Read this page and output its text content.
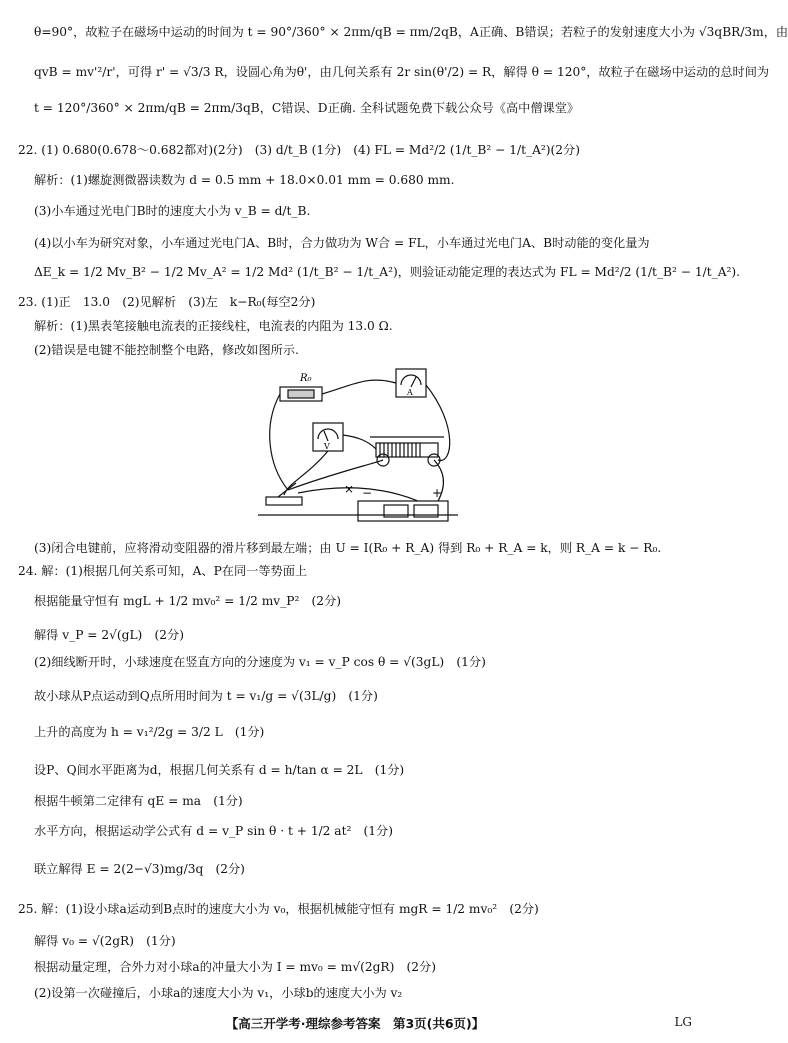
θ=90°，故粒子在磁场中运动的时间为 t = 90°/360° × 2πm/qB = πm/2qB，A正确、B错误；若粒子的发射速度大小为 √3qBR/3m，由
qvB = mv'²/r'，可得 r' = √3/3 R，设圆心角为θ'，由几何关系有 2r sin(θ'/2) = R，解得 θ = 120°，故粒子在磁场中运动的总时间为
t = 120°/360° × 2πm/qB = 2πm/3qB，C错误、D正确. 全科试题免费下载公众号《高中僧课堂》
22. (1) 0.680(0.678～0.682都对)(2分)　(3) d/t_B (1分)　(4) FL = Md²/2 (1/t_B² − 1/t_A²)(2分)
解析：(1)螺旋测微器读数为 d = 0.5 mm + 18.0×0.01 mm = 0.680 mm.
(3)小车通过光电门B时的速度大小为 v_B = d/t_B.
(4)以小车为研究对象，小车通过光电门A、B时，合力做功为 W合 = FL，小车通过光电门A、B时动能的变化量为
ΔE_k = 1/2 Mv_B² − 1/2 Mv_A² = 1/2 Md² (1/t_B² − 1/t_A²)，则验证动能定理的表达式为 FL = Md²/2 (1/t_B² − 1/t_A²).
23. (1)正　13.0　(2)见解析　(3)左　k−R₀(每空2分)
解析：(1)黑表笔接触电流表的正接线柱，电流表的内阻为 13.0 Ω.
(2)错误是电键不能控制整个电路，修改如图所示.
R₀
A
V
× −	+
(3)闭合电键前，应将滑动变阻器的滑片移到最左端；由 U = I(R₀ + R_A) 得到 R₀ + R_A = k，则 R_A = k − R₀.
24. 解：(1)根据几何关系可知，A、P在同一等势面上
根据能量守恒有 mgL + 1/2 mv₀² = 1/2 mv_P²　(2分)
解得 v_P = 2√(gL)　(2分)
(2)细线断开时，小球速度在竖直方向的分速度为 v₁ = v_P cos θ = √(3gL)　(1分)
故小球从P点运动到Q点所用时间为 t = v₁/g = √(3L/g)　(1分)
上升的高度为 h = v₁²/2g = 3/2 L　(1分)
设P、Q间水平距离为d，根据几何关系有 d = h/tan α = 2L　(1分)
根据牛顿第二定律有 qE = ma　(1分)
水平方向，根据运动学公式有 d = v_P sin θ · t + 1/2 at²　(1分)
联立解得 E = 2(2−√3)mg/3q　(2分)
25. 解：(1)设小球a运动到B点时的速度大小为 v₀，根据机械能守恒有 mgR = 1/2 mv₀²　(2分)
解得 v₀ = √(2gR)　(1分)
根据动量定理，合外力对小球a的冲量大小为 I = mv₀ = m√(2gR)　(2分)
(2)设第一次碰撞后，小球a的速度大小为 v₁，小球b的速度大小为 v₂
【高三开学考·理综参考答案　第3页(共6页)】	LG
